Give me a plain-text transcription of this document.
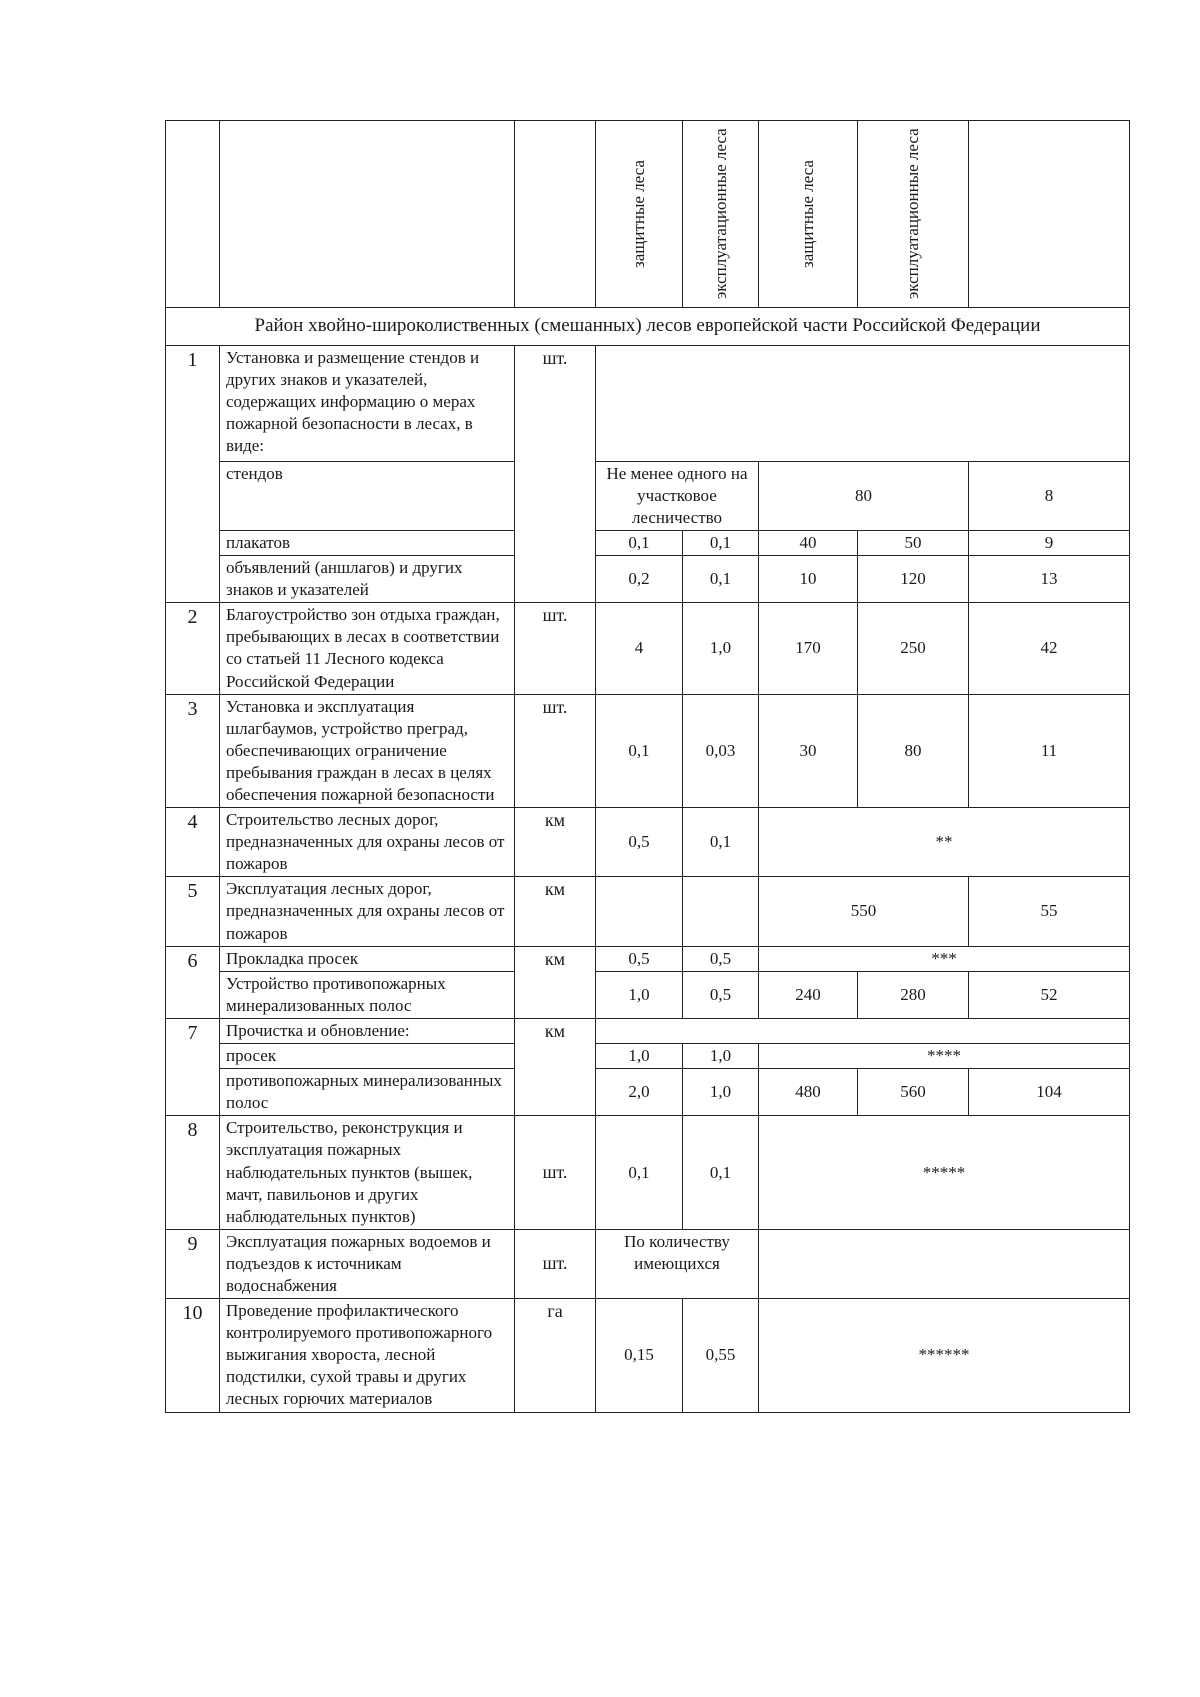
			защитные леса	эксплуатационные леса	защитные леса	эксплуатационные леса	

Район хвойно-широколиственных (смешанных) лесов европейской части Российской Федерации							
1	Установка и размещение стендов и других знаков и указателей, содержащих информацию о мерах пожарной безопасности в лесах, в виде:	шт.					
	стендов		Не менее одного на участковое лесничество		80		8
	плакатов		0,1	0,1	40	50	9
	объявлений (аншлагов) и других знаков и указателей		0,2	0,1	10	120	13
2	Благоустройство зон отдыха граждан, пребывающих в лесах в соответствии со статьей 11 Лесного кодекса Российской Федерации	шт.	4	1,0	170	250	42
3	Установка и эксплуатация шлагбаумов, устройство преград, обеспечивающих ограничение пребывания граждан в лесах в целях обеспечения пожарной безопасности	шт.	0,1	0,03	30	80	11
4	Строительство лесных дорог, предназначенных для охраны лесов от пожаров	км	0,5	0,1	**		
5	Эксплуатация лесных дорог, предназначенных для охраны лесов от пожаров	км			550		55
6	Прокладка просек	км	0,5	0,5	***		
	Устройство противопожарных минерализованных полос		1,0	0,5	240	280	52
7	Прочистка и обновление:	км					
	просек		1,0	1,0	****		
	противопожарных минерализованных полос		2,0	1,0	480	560	104
8	Строительство, реконструкция и эксплуатация пожарных наблюдательных пунктов (вышек, мачт, павильонов и других наблюдательных пунктов)	шт.	0,1	0,1	*****		
9	Эксплуатация пожарных водоемов и подъездов к источникам водоснабжения	шт.	По количеству имеющихся				
10	Проведение профилактического контролируемого противопожарного выжигания хвороста, лесной подстилки, сухой травы и других лесных горючих материалов	га	0,15	0,55	******		
